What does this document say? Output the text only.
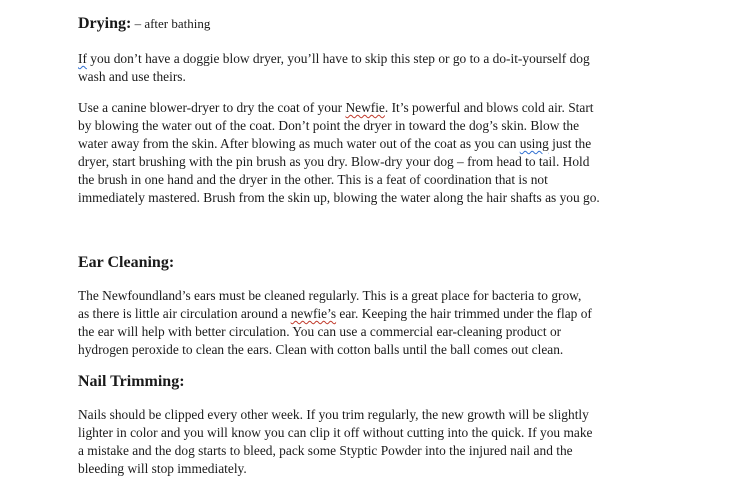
Drying: – after bathing

If you don’t have a doggie blow dryer, you’ll have to skip this step or go to a do-it-yourself dog
wash and use theirs.

Use a canine blower-dryer to dry the coat of your Newfie. It’s powerful and blows cold air. Start
by blowing the water out of the coat. Don’t point the dryer in toward the dog’s skin. Blow the
water away from the skin. After blowing as much water out of the coat as you can using just the
dryer, start brushing with the pin brush as you dry. Blow-dry your dog – from head to tail. Hold
the brush in one hand and the dryer in the other. This is a feat of coordination that is not
immediately mastered. Brush from the skin up, blowing the water along the hair shafts as you go.

Ear Cleaning:

The Newfoundland’s ears must be cleaned regularly. This is a great place for bacteria to grow,
as there is little air circulation around a newfie’s ear. Keeping the hair trimmed under the flap of
the ear will help with better circulation. You can use a commercial ear-cleaning product or
hydrogen peroxide to clean the ears. Clean with cotton balls until the ball comes out clean.

Nail Trimming:

Nails should be clipped every other week. If you trim regularly, the new growth will be slightly
lighter in color and you will know you can clip it off without cutting into the quick. If you make
a mistake and the dog starts to bleed, pack some Styptic Powder into the injured nail and the
bleeding will stop immediately.
